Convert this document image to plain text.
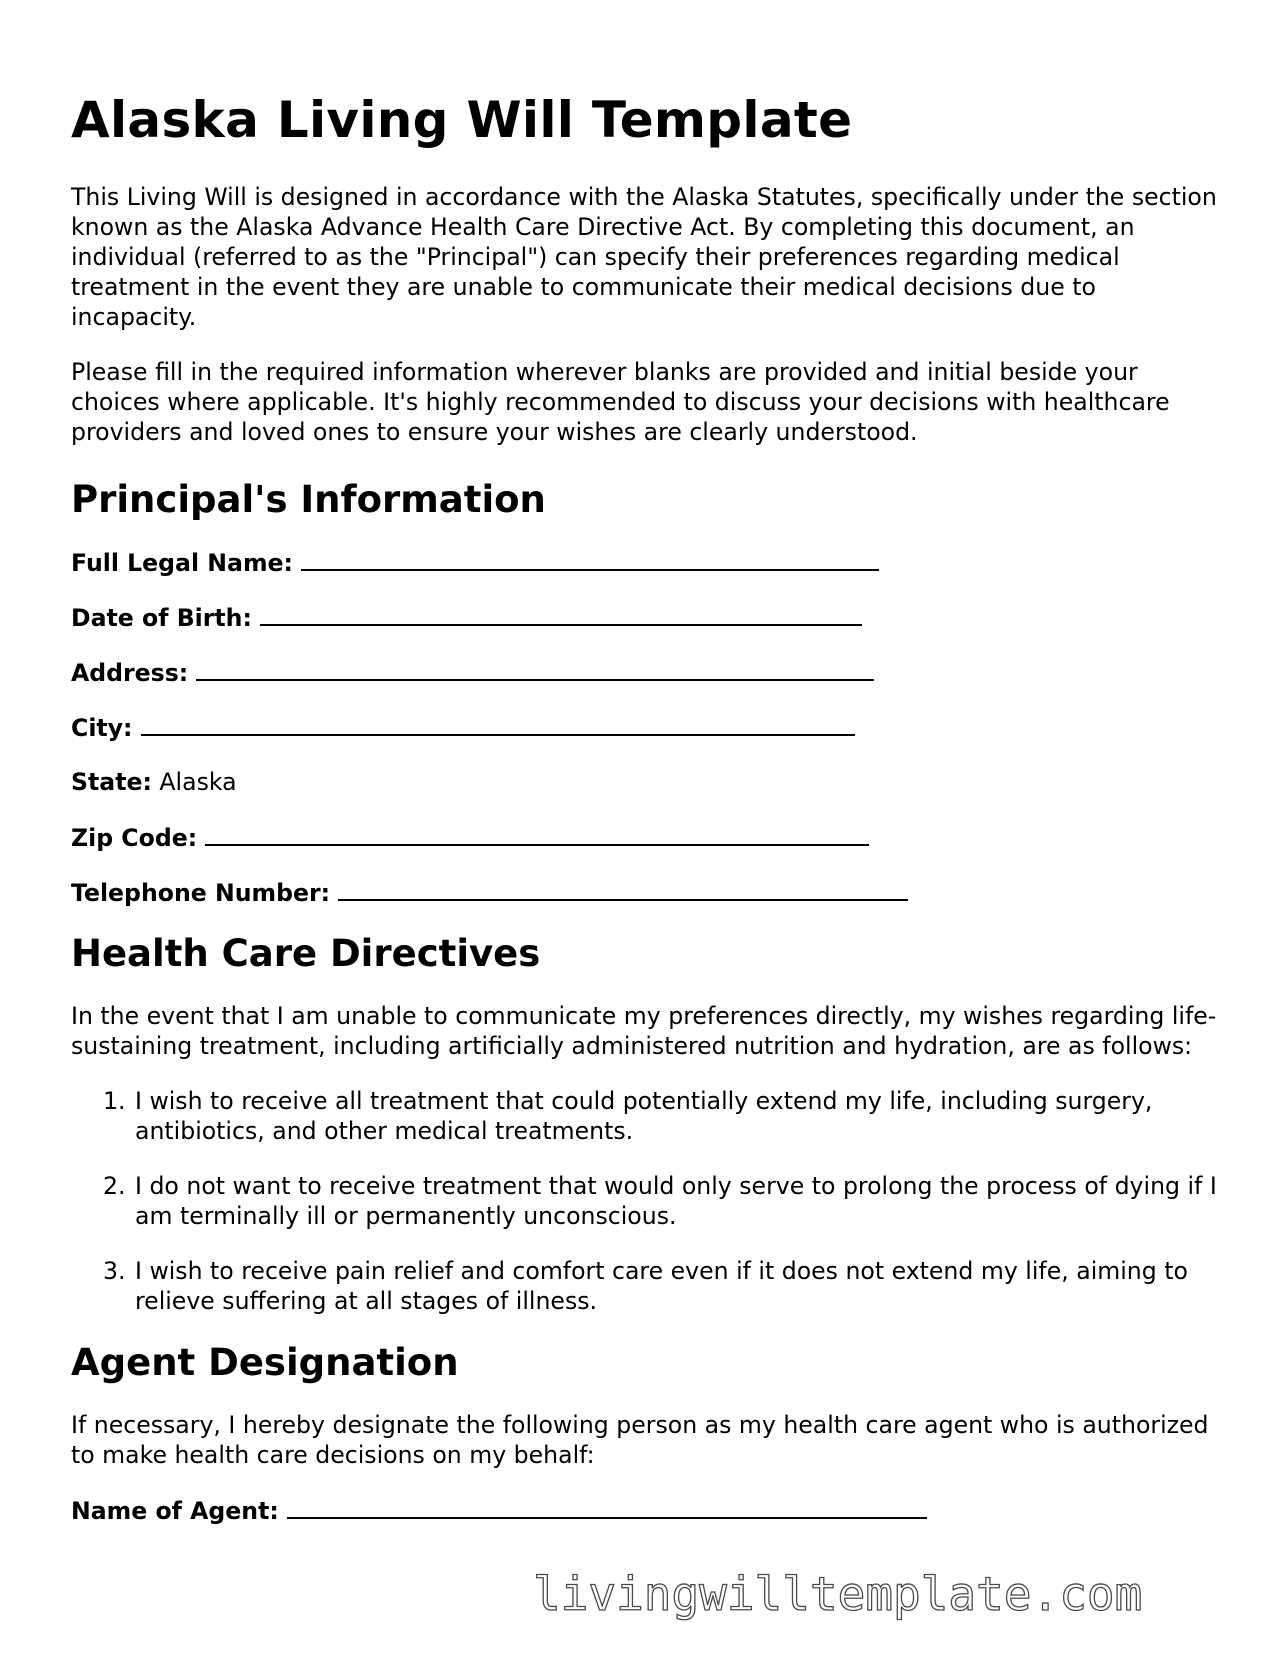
Alaska Living Will Template

This Living Will is designed in accordance with the Alaska Statutes, specifically under the section known as the Alaska Advance Health Care Directive Act. By completing this document, an individual (referred to as the "Principal") can specify their preferences regarding medical treatment in the event they are unable to communicate their medical decisions due to incapacity.

Please fill in the required information wherever blanks are provided and initial beside your choices where applicable. It's highly recommended to discuss your decisions with healthcare providers and loved ones to ensure your wishes are clearly understood.

Principal's Information
Full Legal Name:
Date of Birth:
Address:
City:
State: Alaska
Zip Code:
Telephone Number:
Health Care Directives

In the event that I am unable to communicate my preferences directly, my wishes regarding life-sustaining treatment, including artificially administered nutrition and hydration, are as follows:

1. I wish to receive all treatment that could potentially extend my life, including surgery, antibiotics, and other medical treatments.
2. I do not want to receive treatment that would only serve to prolong the process of dying if I am terminally ill or permanently unconscious.
3. I wish to receive pain relief and comfort care even if it does not extend my life, aiming to relieve suffering at all stages of illness.
Agent Designation

If necessary, I hereby designate the following person as my health care agent who is authorized to make health care decisions on my behalf:

Name of Agent:
livingwilltemplate.com
